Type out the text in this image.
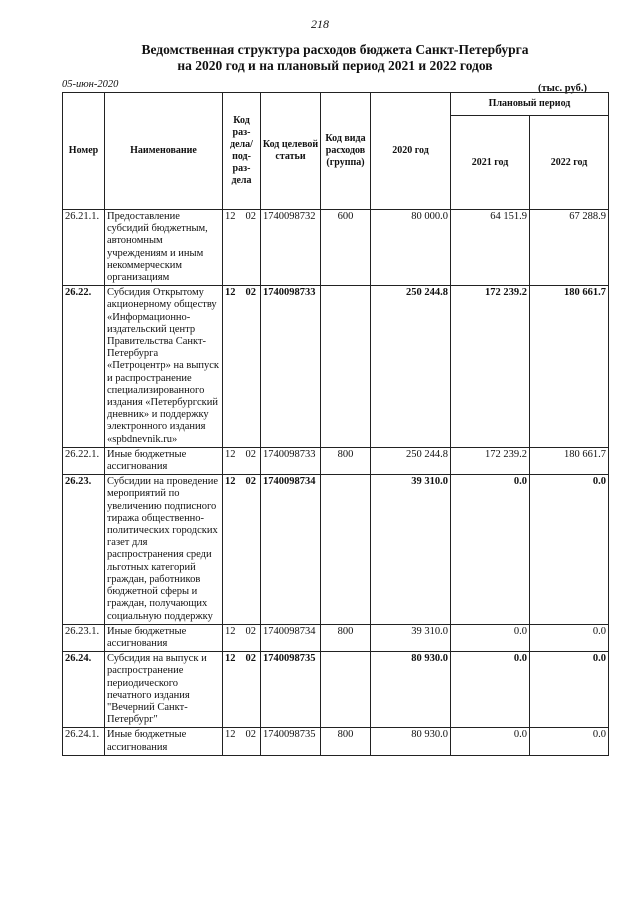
218
Ведомственная структура расходов бюджета Санкт-Петербурга
на 2020 год и на плановый период 2021 и 2022 годов
05-июн-2020	(тыс. руб.)
Номер	Наименование	Код раз- дела/ под- раз- дела	Код целевой статьи	Код вида расходов (группа)	2020 год	Плановый период	
						2021 год	2022 год
26.21.1.	Предоставление субсидий бюджетным, автономным учреждениям и иным некоммерческим организациям	12 02	1740098732	600	80 000.0	64 151.9	67 288.9
26.22.	Субсидия Открытому акционерному обществу «Информационно-издательский центр Правительства Санкт-Петербурга «Петроцентр» на выпуск и распространение специализированного издания «Петербургский дневник» и поддержку электронного издания «spbdnevnik.ru»	12 02	1740098733		250 244.8	172 239.2	180 661.7
26.22.1.	Иные бюджетные ассигнования	12 02	1740098733	800	250 244.8	172 239.2	180 661.7
26.23.	Субсидии на проведение мероприятий по увеличению подписного тиража общественно-политических городских газет для распространения среди льготных категорий граждан, работников бюджетной сферы и граждан, получающих социальную поддержку	12 02	1740098734		39 310.0	0.0	0.0
26.23.1.	Иные бюджетные ассигнования	12 02	1740098734	800	39 310.0	0.0	0.0
26.24.	Субсидия на выпуск и распространение периодического печатного издания "Вечерний Санкт-Петербург"	12 02	1740098735		80 930.0	0.0	0.0
26.24.1.	Иные бюджетные ассигнования	12 02	1740098735	800	80 930.0	0.0	0.0
